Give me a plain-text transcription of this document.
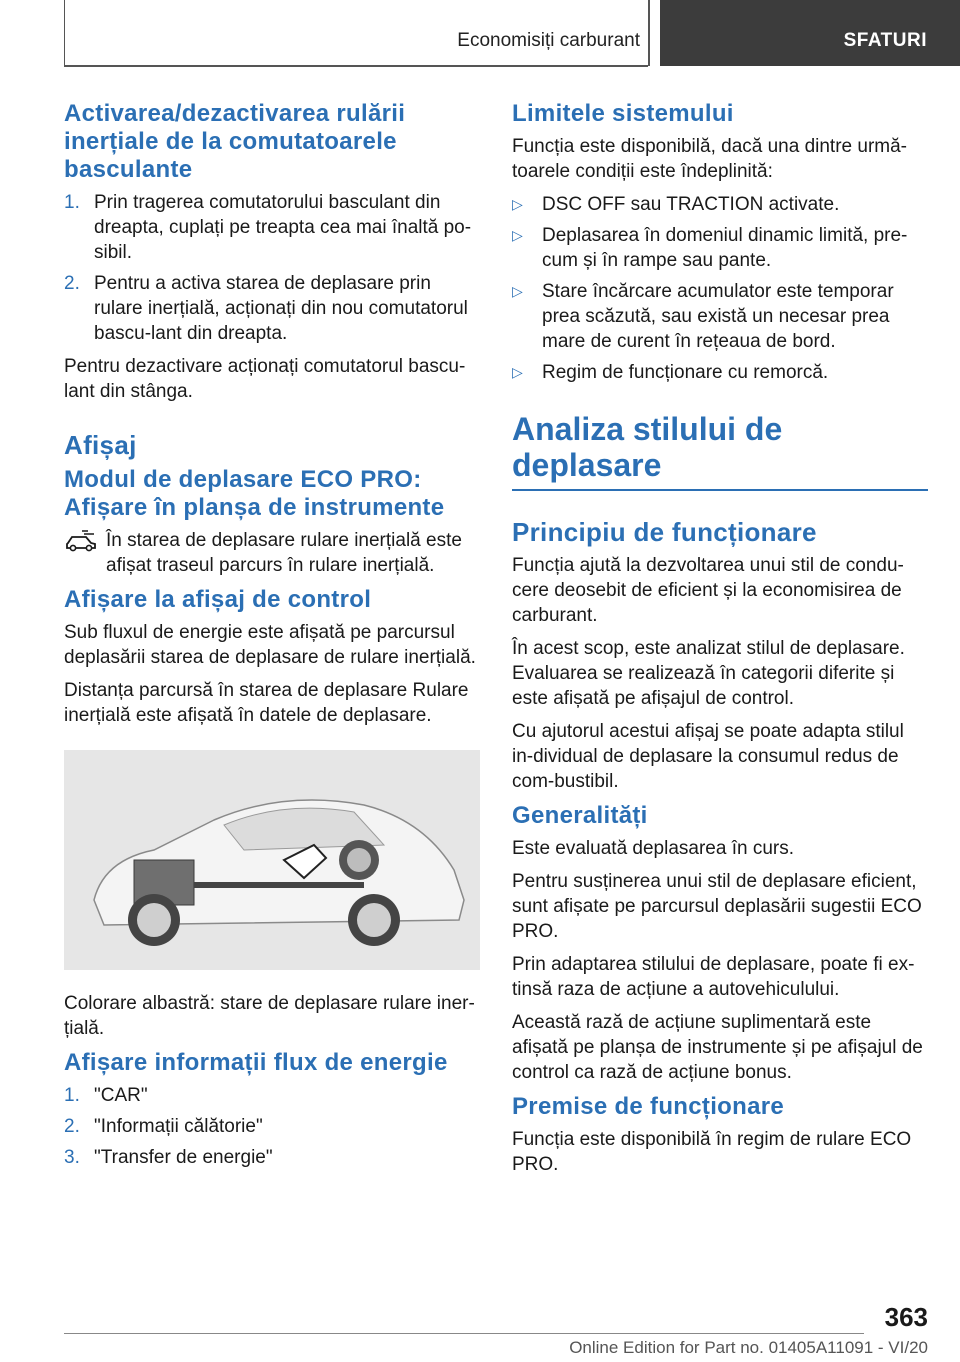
Economisiți carburant	SFATURI
Activarea/dezactivarea rulării inerțiale de la comutatoarele basculante
1. Prin tragerea comutatorului basculant din dreapta, cuplați pe treapta cea mai înaltă po-sibil.
2. Pentru a activa starea de deplasare prin rulare inerțială, acționați din nou comutatorul bascu-lant din dreapta.

Pentru dezactivare acționați comutatorul bascu-lant din stânga.

Afișaj
Modul de deplasare ECO PRO: Afișare în planșa de instrumente

În starea de deplasare rulare inerțială este afișat traseul parcurs în rulare inerțială.

Afișare la afișaj de control

Sub fluxul de energie este afișată pe parcursul deplasării starea de deplasare de rulare inerțială.

Distanța parcursă în starea de deplasare Rulare inerțială este afișată în datele de deplasare.

Colorare albastră: stare de deplasare rulare iner-țială.

Afișare informații flux de energie
1. "CAR"
2. "Informații călătorie"
3. "Transfer de energie"
Limitele sistemului

Funcția este disponibilă, dacă una dintre urmă-toarele condiții este îndeplinită:

▷ DSC OFF sau TRACTION activate.
▷ Deplasarea în domeniul dinamic limită, pre-cum și în rampe sau pante.
▷ Stare încărcare acumulator este temporar prea scăzută, sau există un necesar prea mare de curent în rețeaua de bord.
▷ Regim de funcționare cu remorcă.
Analiza stilului de deplasare
Principiu de funcționare

Funcția ajută la dezvoltarea unui stil de condu-cere deosebit de eficient și la economisirea de carburant.

În acest scop, este analizat stilul de deplasare. Evaluarea se realizează în categorii diferite și este afișată pe afișajul de control.

Cu ajutorul acestui afișaj se poate adapta stilul in-dividual de deplasare la consumul redus de com-bustibil.

Generalități

Este evaluată deplasarea în curs.

Pentru susținerea unui stil de deplasare eficient, sunt afișate pe parcursul deplasării sugestii ECO PRO.

Prin adaptarea stilului de deplasare, poate fi ex-tinsă raza de acțiune a autovehiculului.

Această rază de acțiune suplimentară este afișată pe planșa de instrumente și pe afișajul de control ca rază de acțiune bonus.

Premise de funcționare

Funcția este disponibilă în regim de rulare ECO PRO.

363
Online Edition for Part no. 01405A11091 - VI/20
